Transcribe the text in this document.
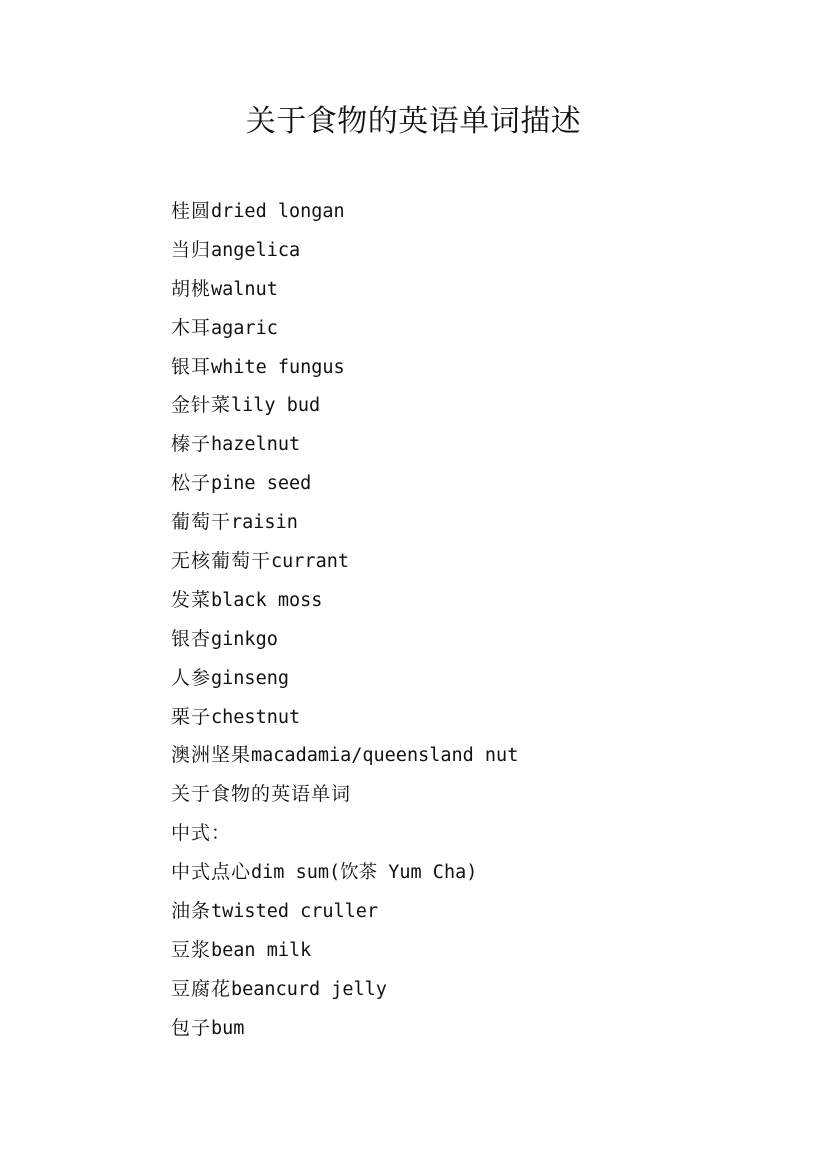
关于食物的英语单词描述
桂圆dried longan
当归angelica
胡桃walnut
木耳agaric
银耳white fungus
金针菜lily bud
榛子hazelnut
松子pine seed
葡萄干raisin
无核葡萄干currant
发菜black moss
银杏ginkgo
人参ginseng
栗子chestnut
澳洲坚果macadamia/queensland nut
关于食物的英语单词
中式：
中式点心dim sum(饮茶 Yum Cha)
油条twisted cruller
豆浆bean milk
豆腐花beancurd jelly
包子bum
